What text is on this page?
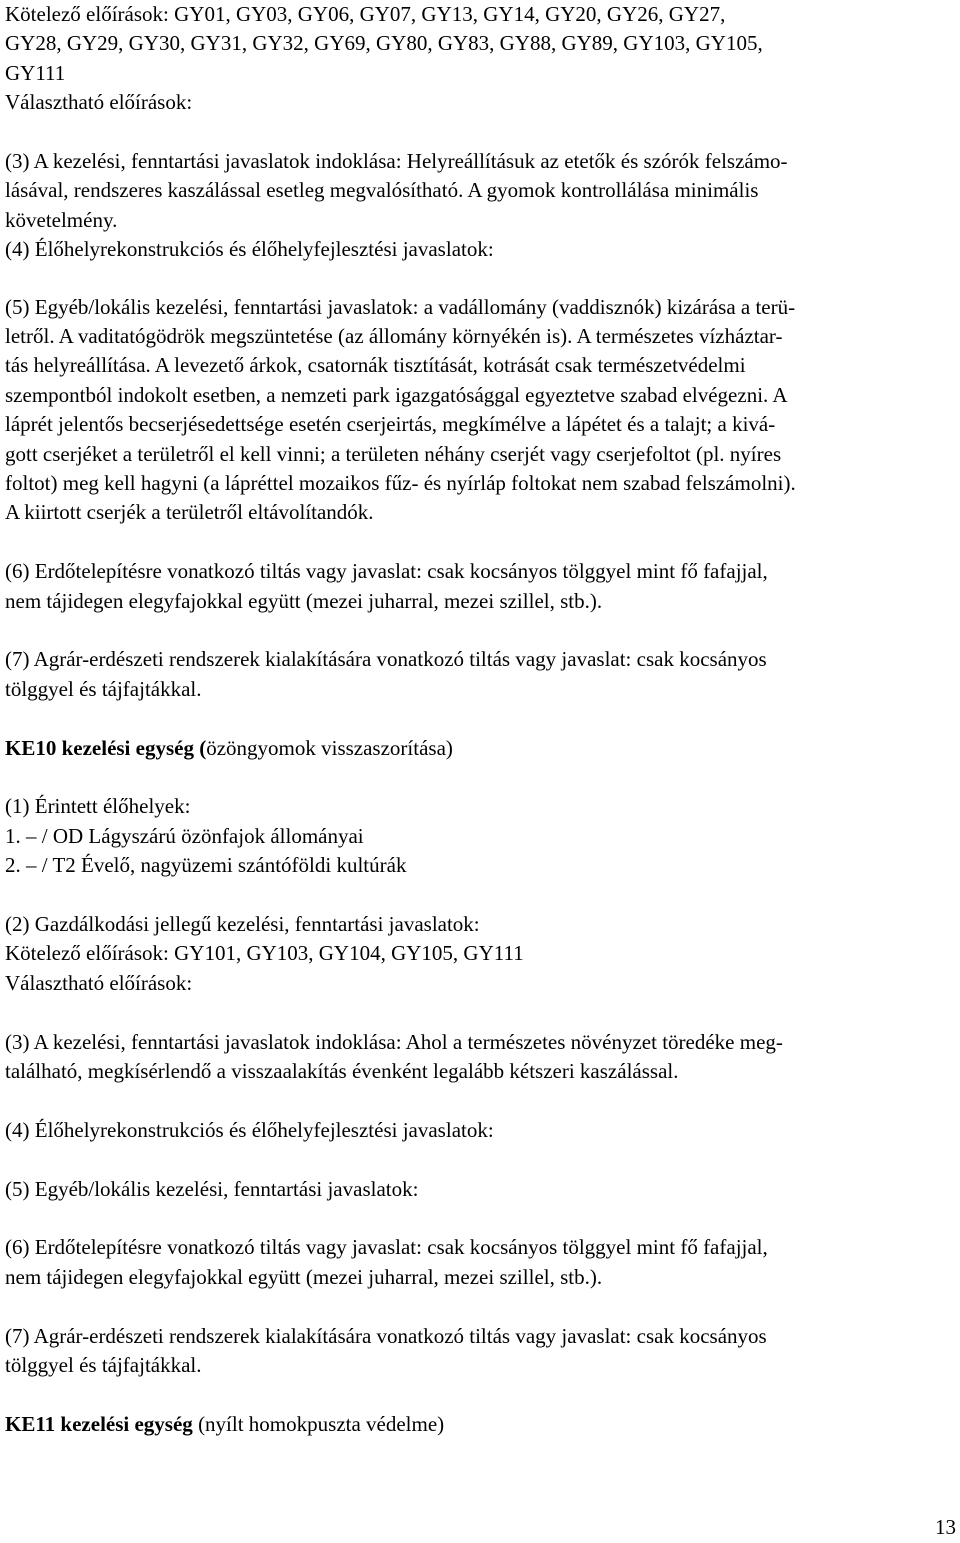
Kötelező előírások: GY01, GY03, GY06, GY07, GY13, GY14, GY20, GY26, GY27,
GY28, GY29, GY30, GY31, GY32, GY69, GY80, GY83, GY88, GY89, GY103, GY105,
GY111
Választható előírások:
(3) A kezelési, fenntartási javaslatok indoklása: Helyreállításuk az etetők és szórók felszámo-
lásával, rendszeres kaszálással esetleg megvalósítható. A gyomok kontrollálása minimális
követelmény.
(4) Élőhelyrekonstrukciós és élőhelyfejlesztési javaslatok:
(5) Egyéb/lokális kezelési, fenntartási javaslatok: a vadállomány (vaddisznók) kizárása a terü-
letről. A vaditatógödrök megszüntetése (az állomány környékén is). A természetes vízháztar-
tás helyreállítása. A levezető árkok, csatornák tisztítását, kotrását csak természetvédelmi
szempontból indokolt esetben, a nemzeti park igazgatósággal egyeztetve szabad elvégezni. A
láprét jelentős becserjésedettsége esetén cserjeirtás, megkímélve a lápétet és a talajt; a kivá-
gott cserjéket a területről el kell vinni; a területen néhány cserjét vagy cserjefoltot (pl. nyíres
foltot) meg kell hagyni (a lápréttel mozaikos fűz- és nyírláp foltokat nem szabad felszámolni).
A kiirtott cserjék a területről eltávolítandók.
(6) Erdőtelepítésre vonatkozó tiltás vagy javaslat: csak kocsányos tölggyel mint fő fafajjal,
nem tájidegen elegyfajokkal együtt (mezei juharral, mezei szillel, stb.).
(7) Agrár-erdészeti rendszerek kialakítására vonatkozó tiltás vagy javaslat: csak kocsányos
tölggyel és tájfajtákkal.
KE10 kezelési egység (özöngyomok visszaszorítása)
(1) Érintett élőhelyek:
1. – / OD Lágyszárú özönfajok állományai
2. – / T2 Évelő, nagyüzemi szántóföldi kultúrák
(2) Gazdálkodási jellegű kezelési, fenntartási javaslatok:
Kötelező előírások: GY101, GY103, GY104, GY105, GY111
Választható előírások:
(3) A kezelési, fenntartási javaslatok indoklása: Ahol a természetes növényzet töredéke meg-
található, megkísérlendő a visszaalakítás évenként legalább kétszeri kaszálással.
(4) Élőhelyrekonstrukciós és élőhelyfejlesztési javaslatok:
(5) Egyéb/lokális kezelési, fenntartási javaslatok:
(6) Erdőtelepítésre vonatkozó tiltás vagy javaslat: csak kocsányos tölggyel mint fő fafajjal,
nem tájidegen elegyfajokkal együtt (mezei juharral, mezei szillel, stb.).
(7) Agrár-erdészeti rendszerek kialakítására vonatkozó tiltás vagy javaslat: csak kocsányos
tölggyel és tájfajtákkal.
KE11 kezelési egység (nyílt homokpuszta védelme)
13
